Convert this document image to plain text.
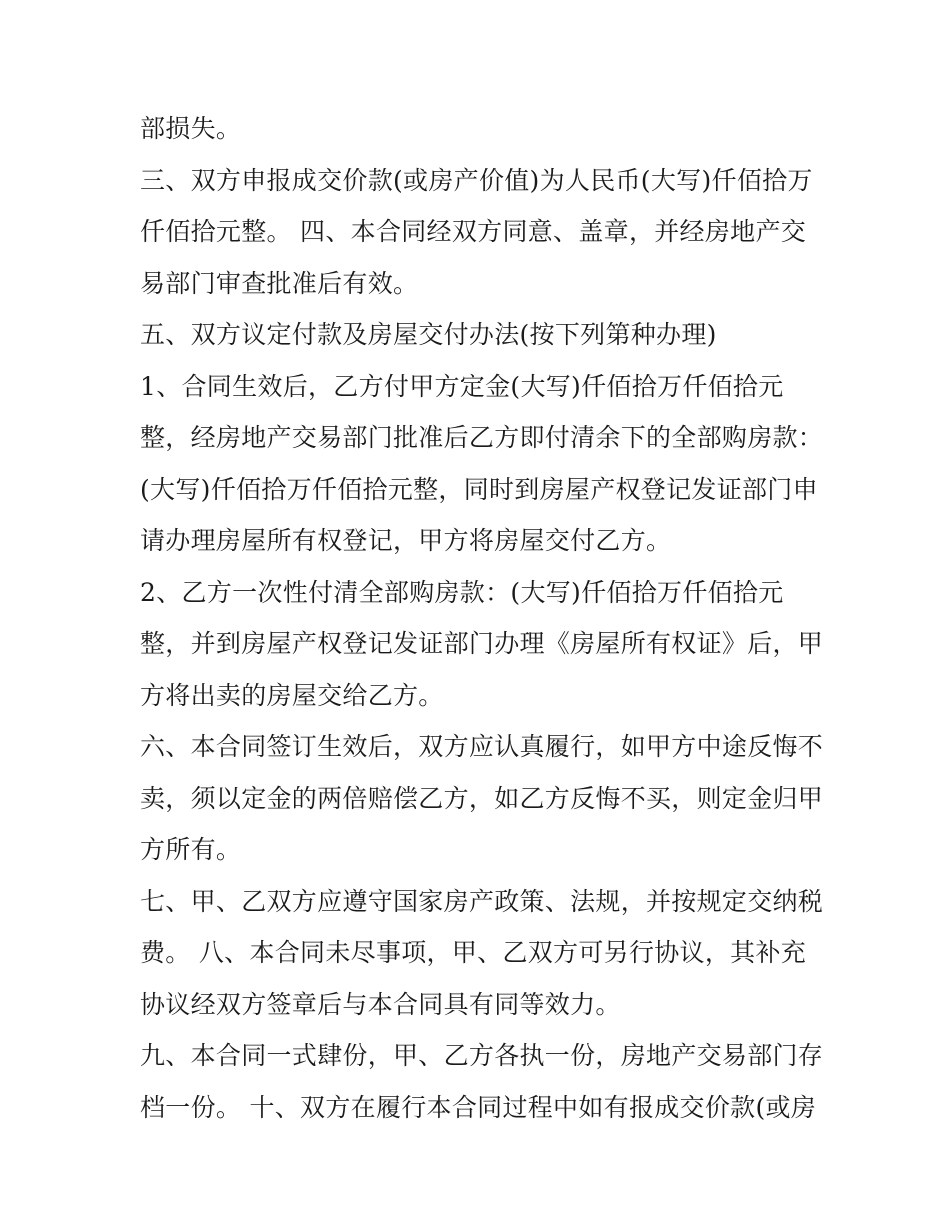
部损失。
三、双方申报成交价款(或房产价值)为人民币(大写)仟佰拾万
仟佰拾元整。 四、本合同经双方同意、盖章，并经房地产交
易部门审查批准后有效。
五、双方议定付款及房屋交付办法(按下列第种办理)
1、合同生效后，乙方付甲方定金(大写)仟佰拾万仟佰拾元
整，经房地产交易部门批准后乙方即付清余下的全部购房款：
(大写)仟佰拾万仟佰拾元整，同时到房屋产权登记发证部门申
请办理房屋所有权登记，甲方将房屋交付乙方。
2、乙方一次性付清全部购房款：(大写)仟佰拾万仟佰拾元
整，并到房屋产权登记发证部门办理《房屋所有权证》后，甲
方将出卖的房屋交给乙方。
六、本合同签订生效后，双方应认真履行，如甲方中途反悔不
卖，须以定金的两倍赔偿乙方，如乙方反悔不买，则定金归甲
方所有。
七、甲、乙双方应遵守国家房产政策、法规，并按规定交纳税
费。 八、本合同未尽事项，甲、乙双方可另行协议，其补充
协议经双方签章后与本合同具有同等效力。
九、本合同一式肆份，甲、乙方各执一份，房地产交易部门存
档一份。 十、双方在履行本合同过程中如有报成交价款(或房
